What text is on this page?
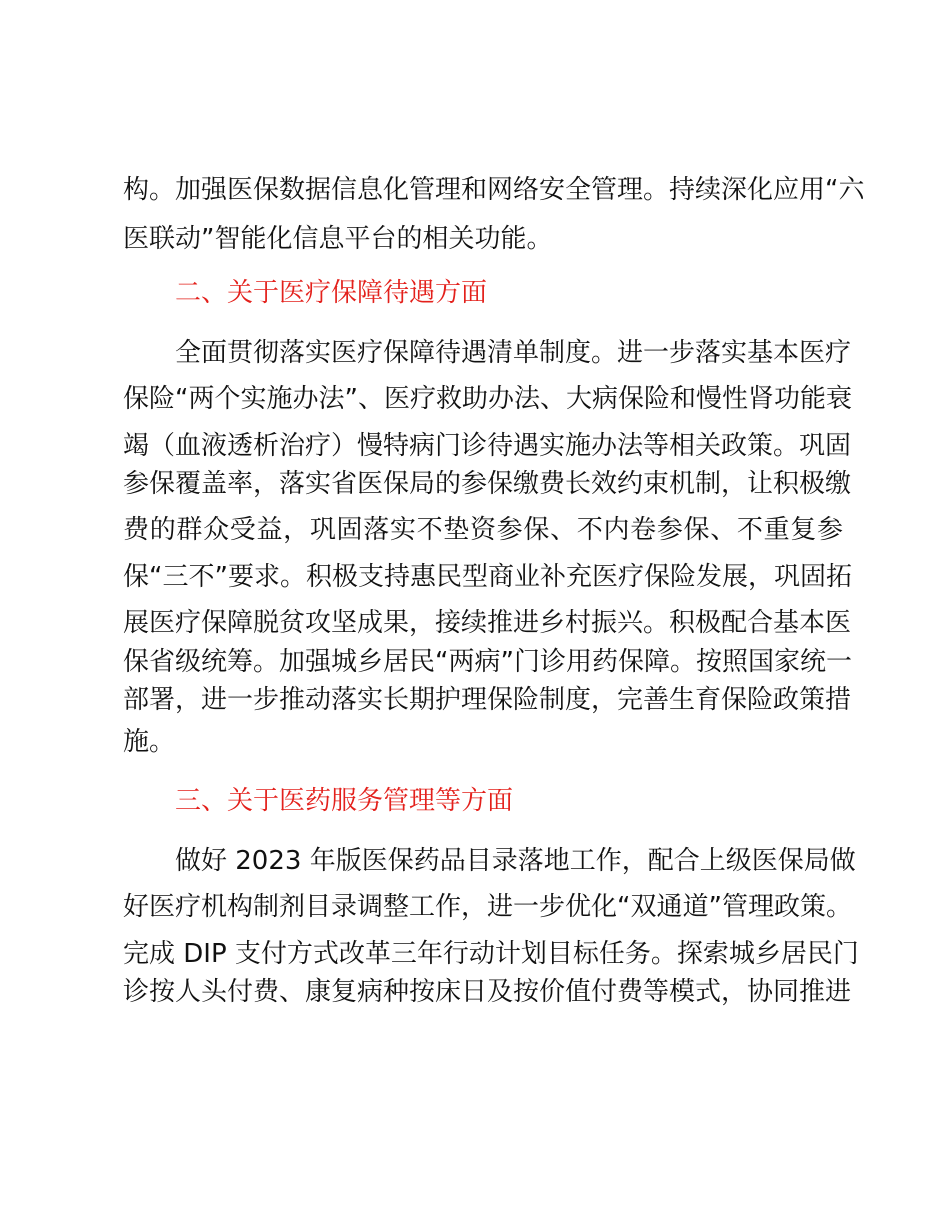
构。加强医保数据信息化管理和网络安全管理。持续深化应用“六
医联动”智能化信息平台的相关功能。
二、关于医疗保障待遇方面
全面贯彻落实医疗保障待遇清单制度。进一步落实基本医疗
保险“两个实施办法”、医疗救助办法、大病保险和慢性肾功能衰
竭（血液透析治疗）慢特病门诊待遇实施办法等相关政策。巩固
参保覆盖率，落实省医保局的参保缴费长效约束机制，让积极缴
费的群众受益，巩固落实不垫资参保、不内卷参保、不重复参
保“三不”要求。积极支持惠民型商业补充医疗保险发展，巩固拓
展医疗保障脱贫攻坚成果，接续推进乡村振兴。积极配合基本医
保省级统筹。加强城乡居民“两病”门诊用药保障。按照国家统一
部署，进一步推动落实长期护理保险制度，完善生育保险政策措
施。
三、关于医药服务管理等方面
做好 2023 年版医保药品目录落地工作，配合上级医保局做
好医疗机构制剂目录调整工作，进一步优化“双通道”管理政策。
完成 DIP 支付方式改革三年行动计划目标任务。探索城乡居民门
诊按人头付费、康复病种按床日及按价值付费等模式，协同推进
